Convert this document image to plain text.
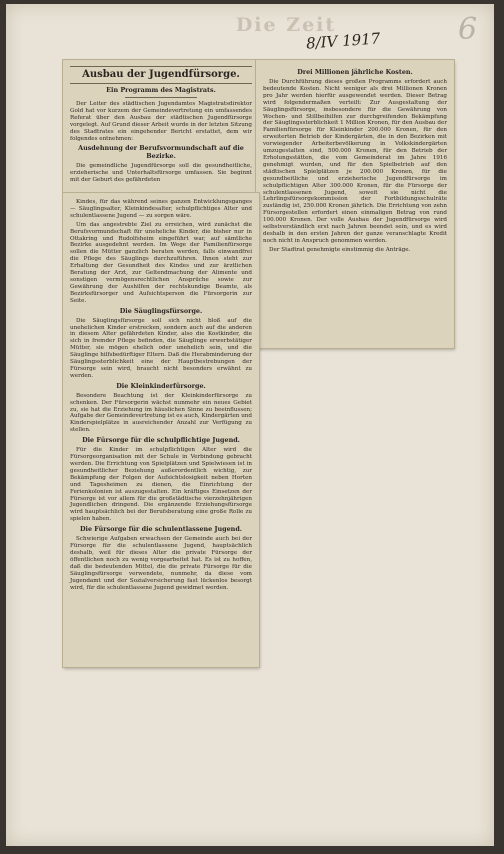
Die Zeit
8/IV 1917	6
Ausbau der Jugendfürsorge.
Ein Programm des Magistrats.

Der Leiter des städtischen Jugendamtes Magistratsdirektor Gold hat vor kurzem der Gemeindevertretung ein umfassendes Referat über den Ausbau der städtischen Jugendfürsorge vorgelegt. Auf Grund dieser Arbeit wurde in der letzten Sitzung des Stadtrates ein eingehender Bericht erstattet, dem wir folgendes entnehmen:

Ausdehnung der Berufsvormundschaft auf die Bezirke.

Die gemeindliche Jugendfürsorge soll die gesundheitliche, erzieherische und Unterhaltsfürsorge umfassen. Sie beginnt mit der Geburt des gefährdeten

Drei Millionen jährliche Kosten.

Die Durchführung dieses großen Programms erfordert auch bedeutende Kosten. Nicht weniger als drei Millionen Kronen pro Jahr werden hierfür ausgewendet werden. Dieser Betrag wird folgendermaßen verteilt: Zur Ausgestaltung der Säuglingsfürsorge, insbesondere für die Gewährung von Wochen- und Stillbeihilfen zur durchgreifenden Bekämpfung der Säuglingssterblichkeit 1 Million Kronen, für den Ausbau der Familienfürsorge für Kleinkinder 200.000 Kronen, für den erweiterten Betrieb der Kindergärten, die in den Bezirken mit vorwiegender Arbeiterbevölkerung in Volkskindergärten umzugestalten sind, 500.000 Kronen, für den Betrieb der Erholungsstätten, die vom Gemeinderat im Jahre 1916 genehmigt wurden, und für den Spielbetrieb auf den städtischen Spielplätzen je 200.000 Kronen, für die gesundheitliche und erzieherische Jugendfürsorge im schulpflichtigen Alter 300.000 Kronen, für die Fürsorge der schulentlassenen Jugend, soweit sie nicht die Lehrlingsfürsorgekommission der Fortbildungsschulräte zuständig ist, 250.000 Kronen jährlich. Die Errichtung von zehn Fürsorgestellen erfordert einen einmaligen Betrag von rund 100.000 Kronen. Der volle Ausbau der Jugendfürsorge wird selbstverständlich erst nach Jahren beendet sein, und es wird deshalb in den ersten Jahren der ganze veranschlagte Kredit noch nicht in Anspruch genommen werden.

Der Stadtrat genehmigte einstimmig die Anträge.

Kindes, für das während seines ganzen Entwicklungsganges — Säuglingsalter, Kleinkindesalter, schulpflichtiges Alter und schulentlassene Jugend — zu sorgen wäre.

Um das angestrebte Ziel zu erreichen, wird zunächst die Berufsvormundschaft für uneheliche Kinder, die bisher nur in Ottakring und Rudolfsheim eingeführt war, auf sämtliche Bezirke ausgedehnt werden. Im Wege der Familienfürsorge sollen die Mütter ganzlich beraten werden, falls einwandfrei die Pflege des Säuglings durchzuführen. Ihnen steht zur Erhaltung der Gesundheit des Kindes und zur ärztlichen Beratung der Arzt, zur Geltendmachung der Alimente und sonstigen vermögensrechtlichen Ansprüche sowie zur Gewährung der Aushilfen der rechtskundige Beamte, als Bezirksfürsorger und Aufsichtsperson die Fürsorgerin zur Seite.

Die Säuglingsfürsorge.

Die Säuglingsfürsorge soll sich nicht bloß auf die unehelichen Kinder erstrecken, sondern auch auf die anderen in diesem Alter gefährdeten Kinder, also die Kostkinder, die sich in fremder Pflege befinden, die Säuglinge erwerbstätiger Mütter, sie mögen ehelich oder unehelich sein, und die Säuglinge hilfsbedürftiger Eltern. Daß die Herabminderung der Säuglingssterblichkeit eine der Hauptbestrebungen der Fürsorge sein wird, braucht nicht besonders erwähnt zu werden.

Die Kleinkinderfürsorge.

Besondere Beachtung ist der Kleinkinderfürsorge zu schenken. Der Fürsorgerin wächst nunmehr ein neues Gebiet zu, sie hat die Erziehung im häuslichen Sinne zu beeinflussen; Aufgabe der Gemeindevertretung ist es auch, Kindergärten und Kinderspielplätze in ausreichender Anzahl zur Verfügung zu stellen.

Die Fürsorge für die schulpflichtige Jugend.

Für die Kinder im schulpflichtigen Alter wird die Fürsorgeorganisation mit der Schule in Verbindung gebracht werden. Die Errichtung von Spielplätzen und Spielwiesen ist in gesundheitlicher Beziehung außerordentlich wichtig, zur Bekämpfung der Folgen der Aufsichtslosigkeit neben Horten und Tagesheimen zu dienen, die Einrichtung der Ferienkolonien ist auszugestalten. Ein kräftiges Einsetzen der Fürsorge ist vor allem für die großstädtische vierzehnjährigen Jugendlichen dringend. Die ergänzende Erziehungsfürsorge wird hauptsächlich bei der Berufsberatung eine große Rolle zu spielen haben.

Die Fürsorge für die schulentlassene Jugend.

Schwierige Aufgaben erwachsen der Gemeinde auch bei der Fürsorge für die schulentlassene Jugend, hauptsächlich deshalb, weil für dieses Alter die private Fürsorge der öffentlichen noch zu wenig vorgearbeitet hat. Es ist zu hoffen, daß die bedeutenden Mittel, die die private Fürsorge für die Säuglingsfürsorge verwendete, nunmehr, da diese vom Jugendamt und der Sozialversicherung fast lückenlos besorgt wird, für die schulentlassene Jugend gewidmet werden.
